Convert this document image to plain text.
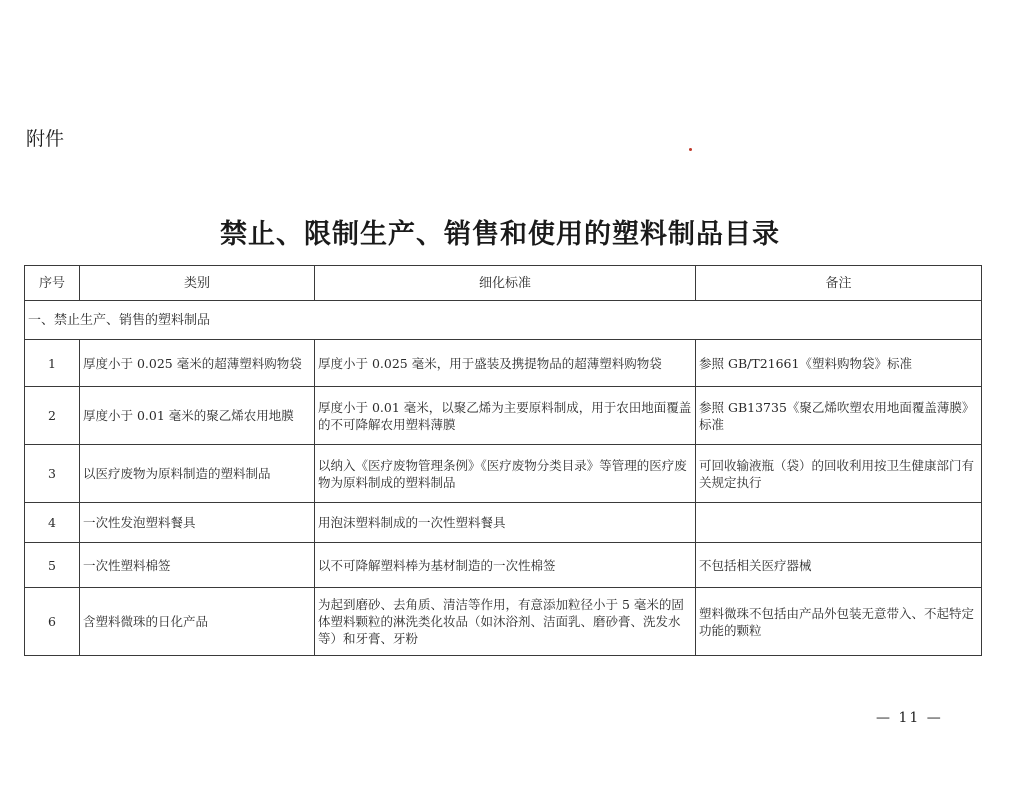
附件
禁止、限制生产、销售和使用的塑料制品目录
序号	类别	细化标准	备注
一、禁止生产、销售的塑料制品			
1	厚度小于 0.025 毫米的超薄塑料购物袋	厚度小于 0.025 毫米，用于盛装及携提物品的超薄塑料购物袋	参照 GB/T21661《塑料购物袋》标准
2	厚度小于 0.01 毫米的聚乙烯农用地膜	厚度小于 0.01 毫米，以聚乙烯为主要原料制成，用于农田地面覆盖的不可降解农用塑料薄膜	参照 GB13735《聚乙烯吹塑农用地面覆盖薄膜》标准
3	以医疗废物为原料制造的塑料制品	以纳入《医疗废物管理条例》《医疗废物分类目录》等管理的医疗废物为原料制成的塑料制品	可回收输液瓶（袋）的回收利用按卫生健康部门有关规定执行
4	一次性发泡塑料餐具	用泡沫塑料制成的一次性塑料餐具	
5	一次性塑料棉签	以不可降解塑料棒为基材制造的一次性棉签	不包括相关医疗器械
6	含塑料微珠的日化产品	为起到磨砂、去角质、清洁等作用，有意添加粒径小于 5 毫米的固体塑料颗粒的淋洗类化妆品（如沐浴剂、洁面乳、磨砂膏、洗发水等）和牙膏、牙粉	塑料微珠不包括由产品外包装无意带入、不起特定功能的颗粒
— 11 —
